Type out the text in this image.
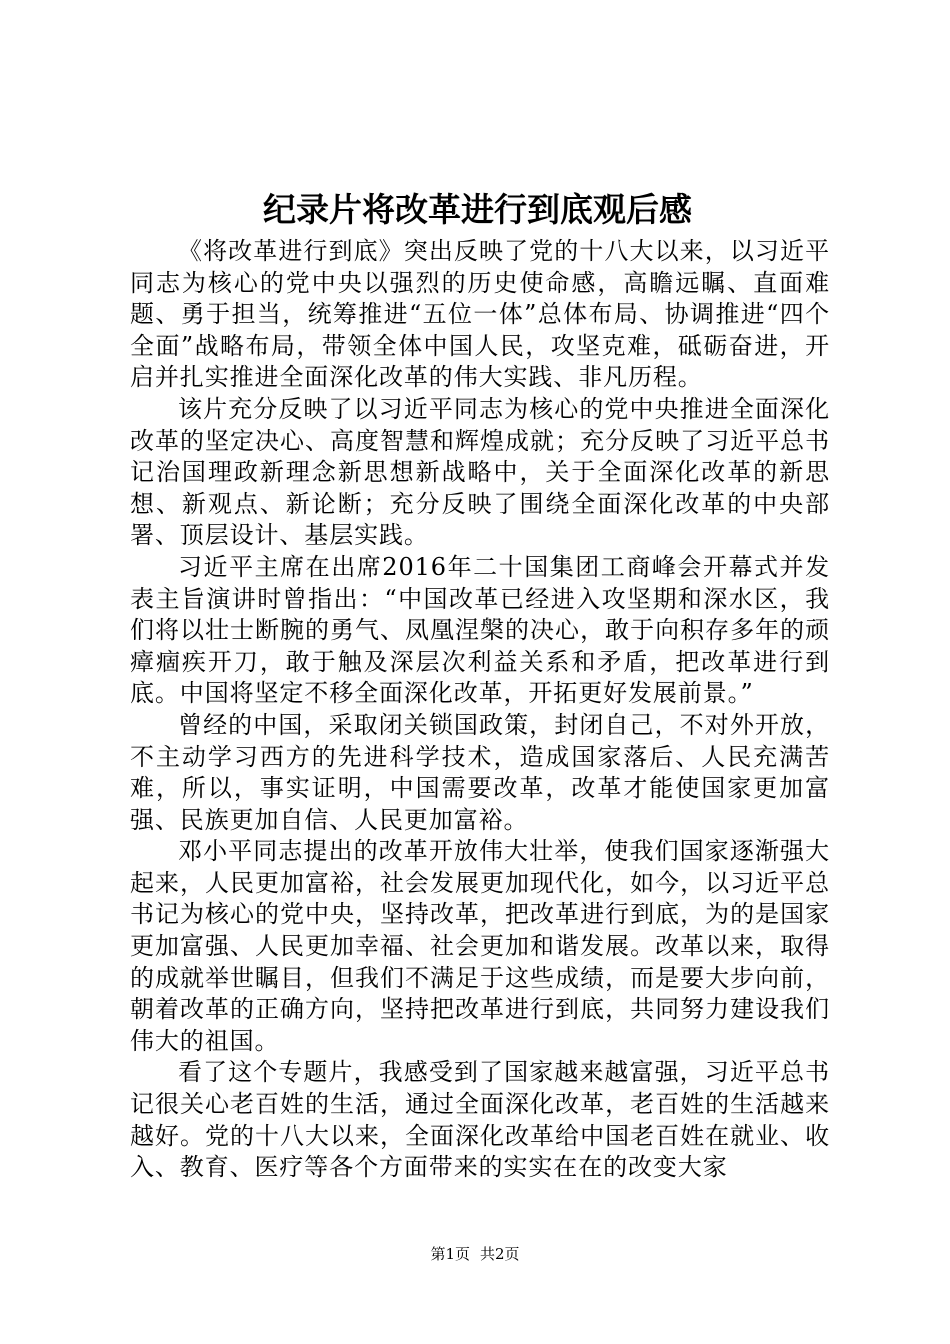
纪录片将改革进行到底观后感

《将改革进行到底》突出反映了党的十八大以来，以习近平同志为核心的党中央以强烈的历史使命感，高瞻远瞩、直面难题、勇于担当，统筹推进“五位一体”总体布局、协调推进“四个全面”战略布局，带领全体中国人民，攻坚克难，砥砺奋进，开启并扎实推进全面深化改革的伟大实践、非凡历程。

该片充分反映了以习近平同志为核心的党中央推进全面深化改革的坚定决心、高度智慧和辉煌成就；充分反映了习近平总书记治国理政新理念新思想新战略中，关于全面深化改革的新思想、新观点、新论断；充分反映了围绕全面深化改革的中央部署、顶层设计、基层实践。

习近平主席在出席2016年二十国集团工商峰会开幕式并发表主旨演讲时曾指出：“中国改革已经进入攻坚期和深水区，我们将以壮士断腕的勇气、凤凰涅槃的决心，敢于向积存多年的顽瘴痼疾开刀，敢于触及深层次利益关系和矛盾，把改革进行到底。中国将坚定不移全面深化改革，开拓更好发展前景。”

曾经的中国，采取闭关锁国政策，封闭自己，不对外开放，不主动学习西方的先进科学技术，造成国家落后、人民充满苦难，所以，事实证明，中国需要改革，改革才能使国家更加富强、民族更加自信、人民更加富裕。

邓小平同志提出的改革开放伟大壮举，使我们国家逐渐强大起来，人民更加富裕，社会发展更加现代化，如今，以习近平总书记为核心的党中央，坚持改革，把改革进行到底，为的是国家更加富强、人民更加幸福、社会更加和谐发展。改革以来，取得的成就举世瞩目，但我们不满足于这些成绩，而是要大步向前，朝着改革的正确方向，坚持把改革进行到底，共同努力建设我们伟大的祖国。

看了这个专题片，我感受到了国家越来越富强，习近平总书记很关心老百姓的生活，通过全面深化改革，老百姓的生活越来越好。党的十八大以来，全面深化改革给中国老百姓在就业、收入、教育、医疗等各个方面带来的实实在在的改变大家

第1页 共2页
